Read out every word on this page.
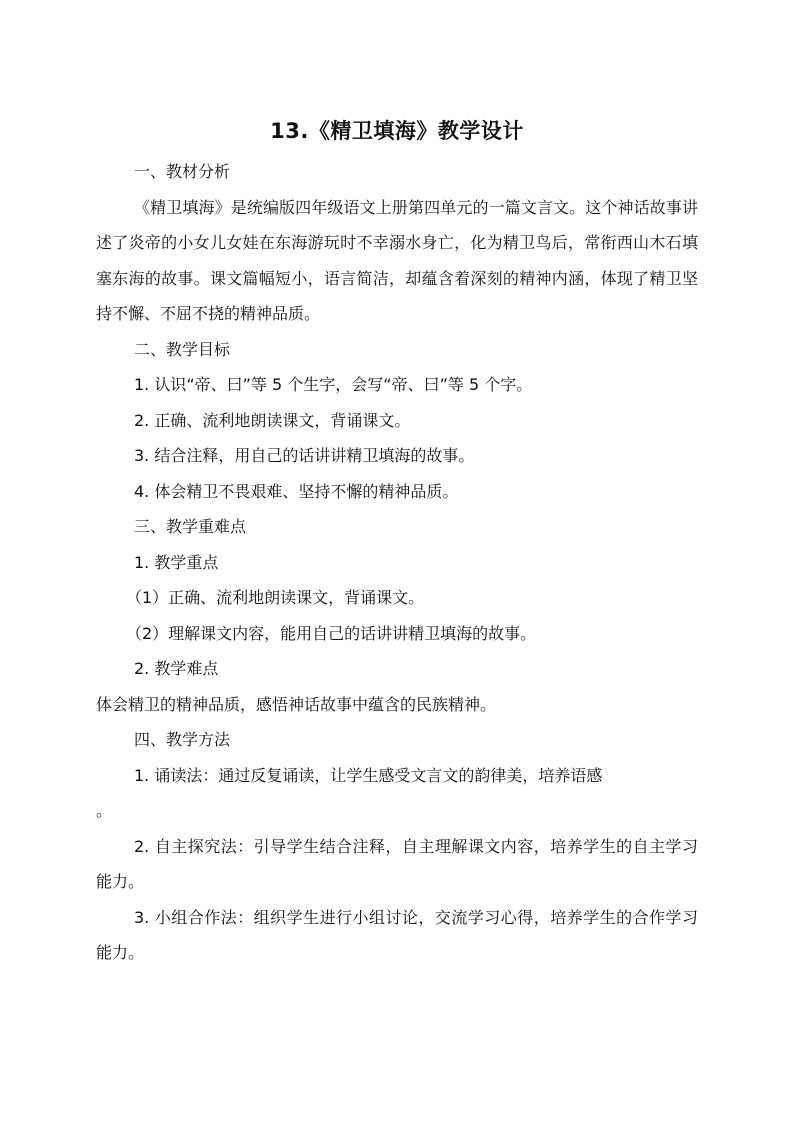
13.《精卫填海》教学设计

一、教材分析

《精卫填海》是统编版四年级语文上册第四单元的一篇文言文。这个神话故事讲述了炎帝的小女儿女娃在东海游玩时不幸溺水身亡，化为精卫鸟后，常衔西山木石填塞东海的故事。课文篇幅短小，语言简洁，却蕴含着深刻的精神内涵，体现了精卫坚持不懈、不屈不挠的精神品质。

二、教学目标

1. 认识“帝、曰”等 5 个生字，会写“帝、曰”等 5 个字。

2. 正确、流利地朗读课文，背诵课文。

3. 结合注释，用自己的话讲讲精卫填海的故事。

4. 体会精卫不畏艰难、坚持不懈的精神品质。

三、教学重难点

1. 教学重点

（1）正确、流利地朗读课文，背诵课文。

（2）理解课文内容，能用自己的话讲讲精卫填海的故事。

2. 教学难点

体会精卫的精神品质，感悟神话故事中蕴含的民族精神。

四、教学方法

1. 诵读法：通过反复诵读，让学生感受文言文的韵律美，培养语感

。

2. 自主探究法：引导学生结合注释，自主理解课文内容，培养学生的自主学习能力。

3. 小组合作法：组织学生进行小组讨论，交流学习心得，培养学生的合作学习能力。
